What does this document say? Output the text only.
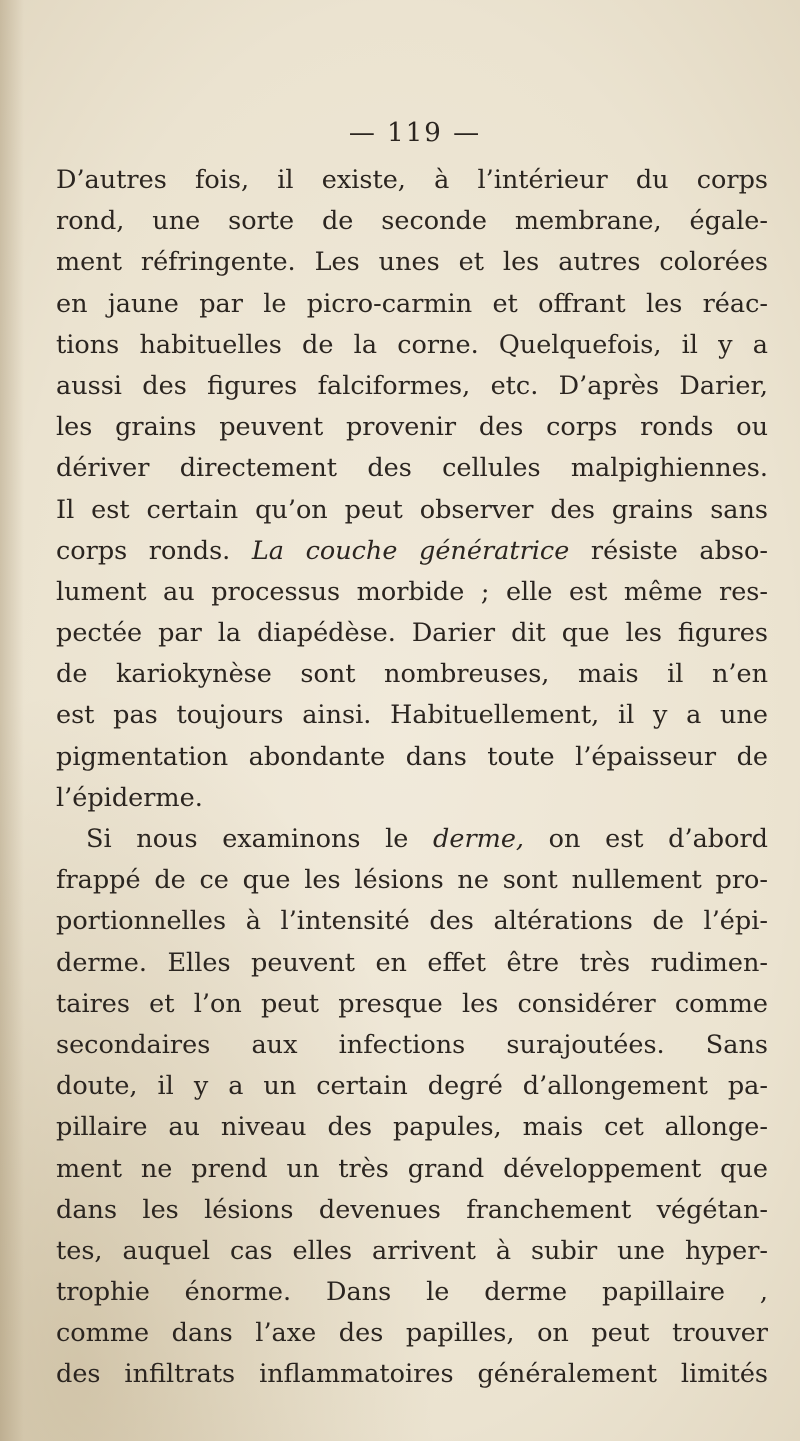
— 119 —
D’autres fois, il existe, à l’intérieur du corps
rond, une sorte de seconde membrane, égale-
ment réfringente. Les unes et les autres colorées
en jaune par le picro-carmin et offrant les réac-
tions habituelles de la corne. Quelquefois, il y a
aussi des figures falciformes, etc. D’après Darier,
les grains peuvent provenir des corps ronds ou
dériver directement des cellules malpighiennes.
Il est certain qu’on peut observer des grains sans
corps ronds. La couche génératrice résiste abso-
lument au processus morbide ; elle est même res-
pectée par la diapédèse. Darier dit que les figures
de kariokynèse sont nombreuses, mais il n’en
est pas toujours ainsi. Habituellement, il y a une
pigmentation abondante dans toute l’épaisseur de
l’épiderme.
Si nous examinons le derme, on est d’abord
frappé de ce que les lésions ne sont nullement pro-
portionnelles à l’intensité des altérations de l’épi-
derme. Elles peuvent en effet être très rudimen-
taires et l’on peut presque les considérer comme
secondaires aux infections surajoutées. Sans
doute, il y a un certain degré d’allongement pa-
pillaire au niveau des papules, mais cet allonge-
ment ne prend un très grand développement que
dans les lésions devenues franchement végétan-
tes, auquel cas elles arrivent à subir une hyper-
trophie énorme. Dans le derme papillaire ,
comme dans l’axe des papilles, on peut trouver
des infiltrats inflammatoires généralement limités
